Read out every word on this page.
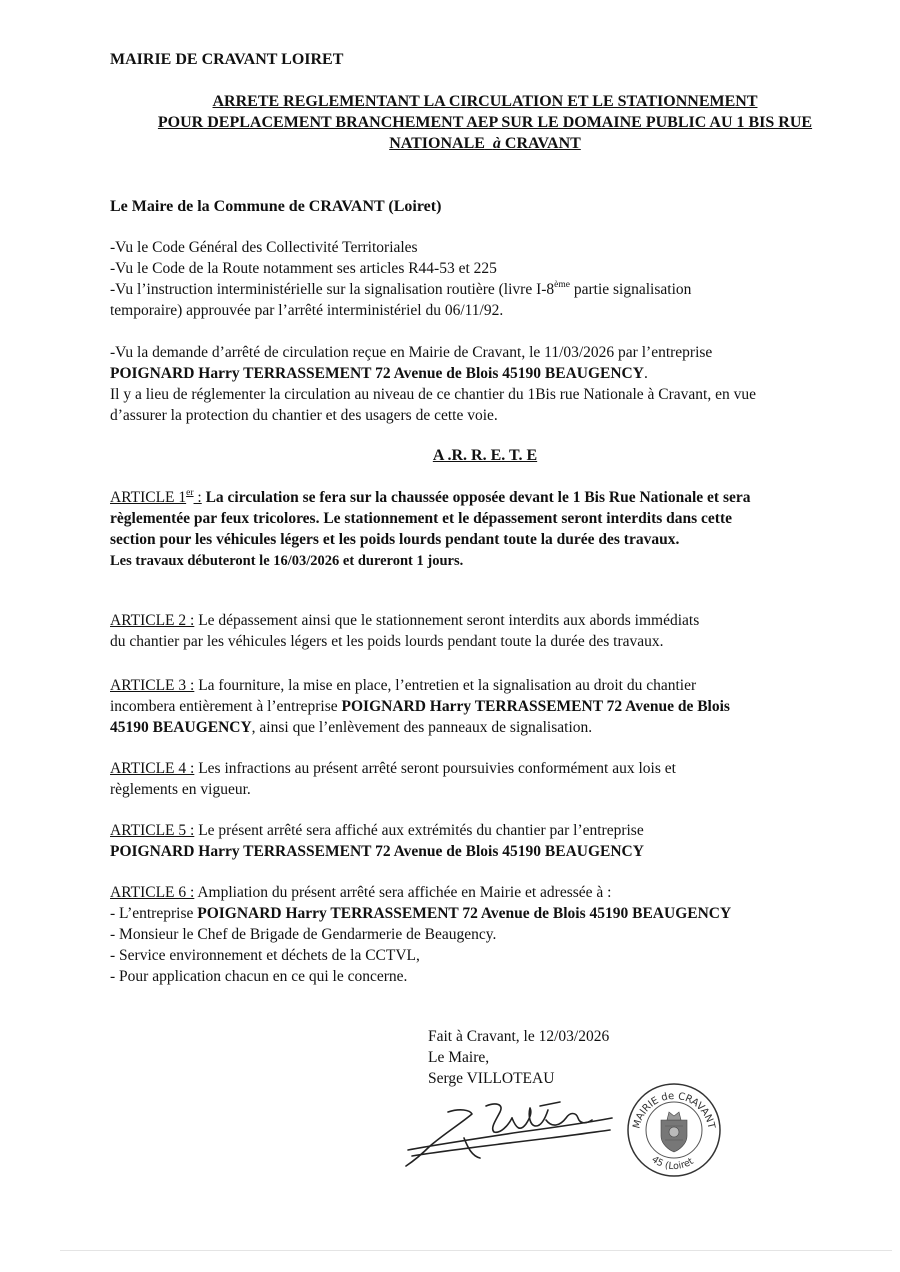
MAIRIE DE CRAVANT LOIRET

ARRETE REGLEMENTANT LA CIRCULATION ET LE STATIONNEMENT

POUR DEPLACEMENT BRANCHEMENT AEP SUR LE DOMAINE PUBLIC AU 1 BIS RUE

NATIONALE à CRAVANT

Le Maire de la Commune de CRAVANT (Loiret)

-Vu le Code Général des Collectivité Territoriales

-Vu le Code de la Route notamment ses articles R44-53 et 225

-Vu l’instruction interministérielle sur la signalisation routière (livre I-8ème partie signalisation

temporaire) approuvée par l’arrêté interministériel du 06/11/92.

-Vu la demande d’arrêté de circulation reçue en Mairie de Cravant, le 11/03/2026 par l’entreprise

POIGNARD Harry TERRASSEMENT 72 Avenue de Blois 45190 BEAUGENCY.

Il y a lieu de réglementer la circulation au niveau de ce chantier du 1Bis rue Nationale à Cravant, en vue

d’assurer la protection du chantier et des usagers de cette voie.

A .R. R. E. T. E

ARTICLE 1er : La circulation se fera sur la chaussée opposée devant le 1 Bis Rue Nationale et sera

règlementée par feux tricolores. Le stationnement et le dépassement seront interdits dans cette

section pour les véhicules légers et les poids lourds pendant toute la durée des travaux.

Les travaux débuteront le 16/03/2026 et dureront 1 jours.

ARTICLE 2 : Le dépassement ainsi que le stationnement seront interdits aux abords immédiats

du chantier par les véhicules légers et les poids lourds pendant toute la durée des travaux.

ARTICLE 3 : La fourniture, la mise en place, l’entretien et la signalisation au droit du chantier

incombera entièrement à l’entreprise POIGNARD Harry TERRASSEMENT 72 Avenue de Blois

45190 BEAUGENCY, ainsi que l’enlèvement des panneaux de signalisation.

ARTICLE 4 : Les infractions au présent arrêté seront poursuivies conformément aux lois et

règlements en vigueur.

ARTICLE 5 : Le présent arrêté sera affiché aux extrémités du chantier par l’entreprise

POIGNARD Harry TERRASSEMENT 72 Avenue de Blois 45190 BEAUGENCY

ARTICLE 6 : Ampliation du présent arrêté sera affichée en Mairie et adressée à :

- L’entreprise POIGNARD Harry TERRASSEMENT 72 Avenue de Blois 45190 BEAUGENCY

- Monsieur le Chef de Brigade de Gendarmerie de Beaugency.

- Service environnement et déchets de la CCTVL,

- Pour application chacun en ce qui le concerne.

Fait à Cravant, le 12/03/2026

Le Maire,

Serge VILLOTEAU

MAIRIE de CRAVANT
45 (Loiret
